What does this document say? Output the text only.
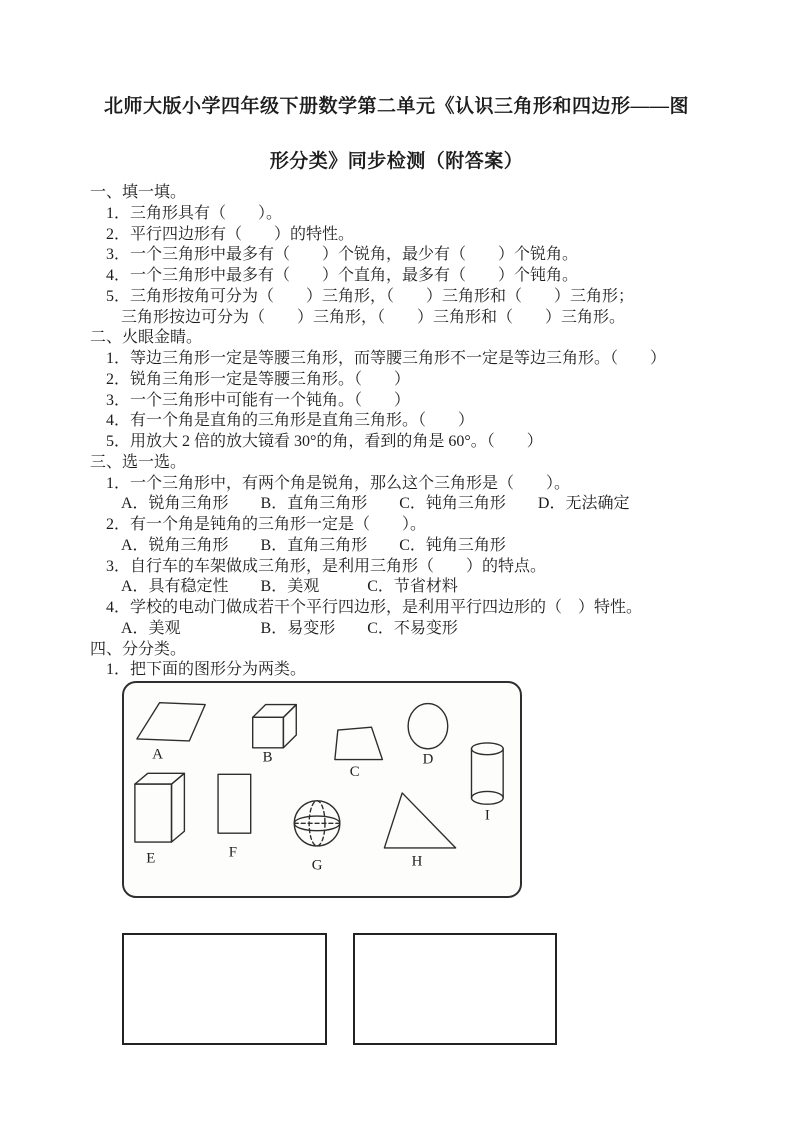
北师大版小学四年级下册数学第二单元《认识三角形和四边形——图
形分类》同步检测（附答案）
一、填一填。
1．三角形具有（　　）。
2．平行四边形有（　　）的特性。
3．一个三角形中最多有（　　）个锐角，最少有（　　）个锐角。
4．一个三角形中最多有（　　）个直角，最多有（　　）个钝角。
5．三角形按角可分为（　　）三角形，（　　）三角形和（　　）三角形；
三角形按边可分为（　　）三角形，（　　）三角形和（　　）三角形。
二、火眼金睛。
1．等边三角形一定是等腰三角形，而等腰三角形不一定是等边三角形。（　　）
2．锐角三角形一定是等腰三角形。（　　）
3．一个三角形中可能有一个钝角。（　　）
4．有一个角是直角的三角形是直角三角形。（　　）
5．用放大 2 倍的放大镜看 30°的角，看到的角是 60°。（　　）
三、选一选。
1．一个三角形中，有两个角是锐角，那么这个三角形是（　　）。
A．锐角三角形　　B．直角三角形　　C．钝角三角形　　D．无法确定
2．有一个角是钝角的三角形一定是（　　）。
A．锐角三角形　　B．直角三角形　　C．钝角三角形
3．自行车的车架做成三角形，是利用三角形（　　）的特点。
A．具有稳定性　　B．美观　　　C．节省材料
4．学校的电动门做成若干个平行四边形，是利用平行四边形的（　）特性。
A．美观　　　　　B．易变形　　C．不易变形
四、分分类。
1．把下面的图形分为两类。
A	B
C
D
E	F
G	H
I
